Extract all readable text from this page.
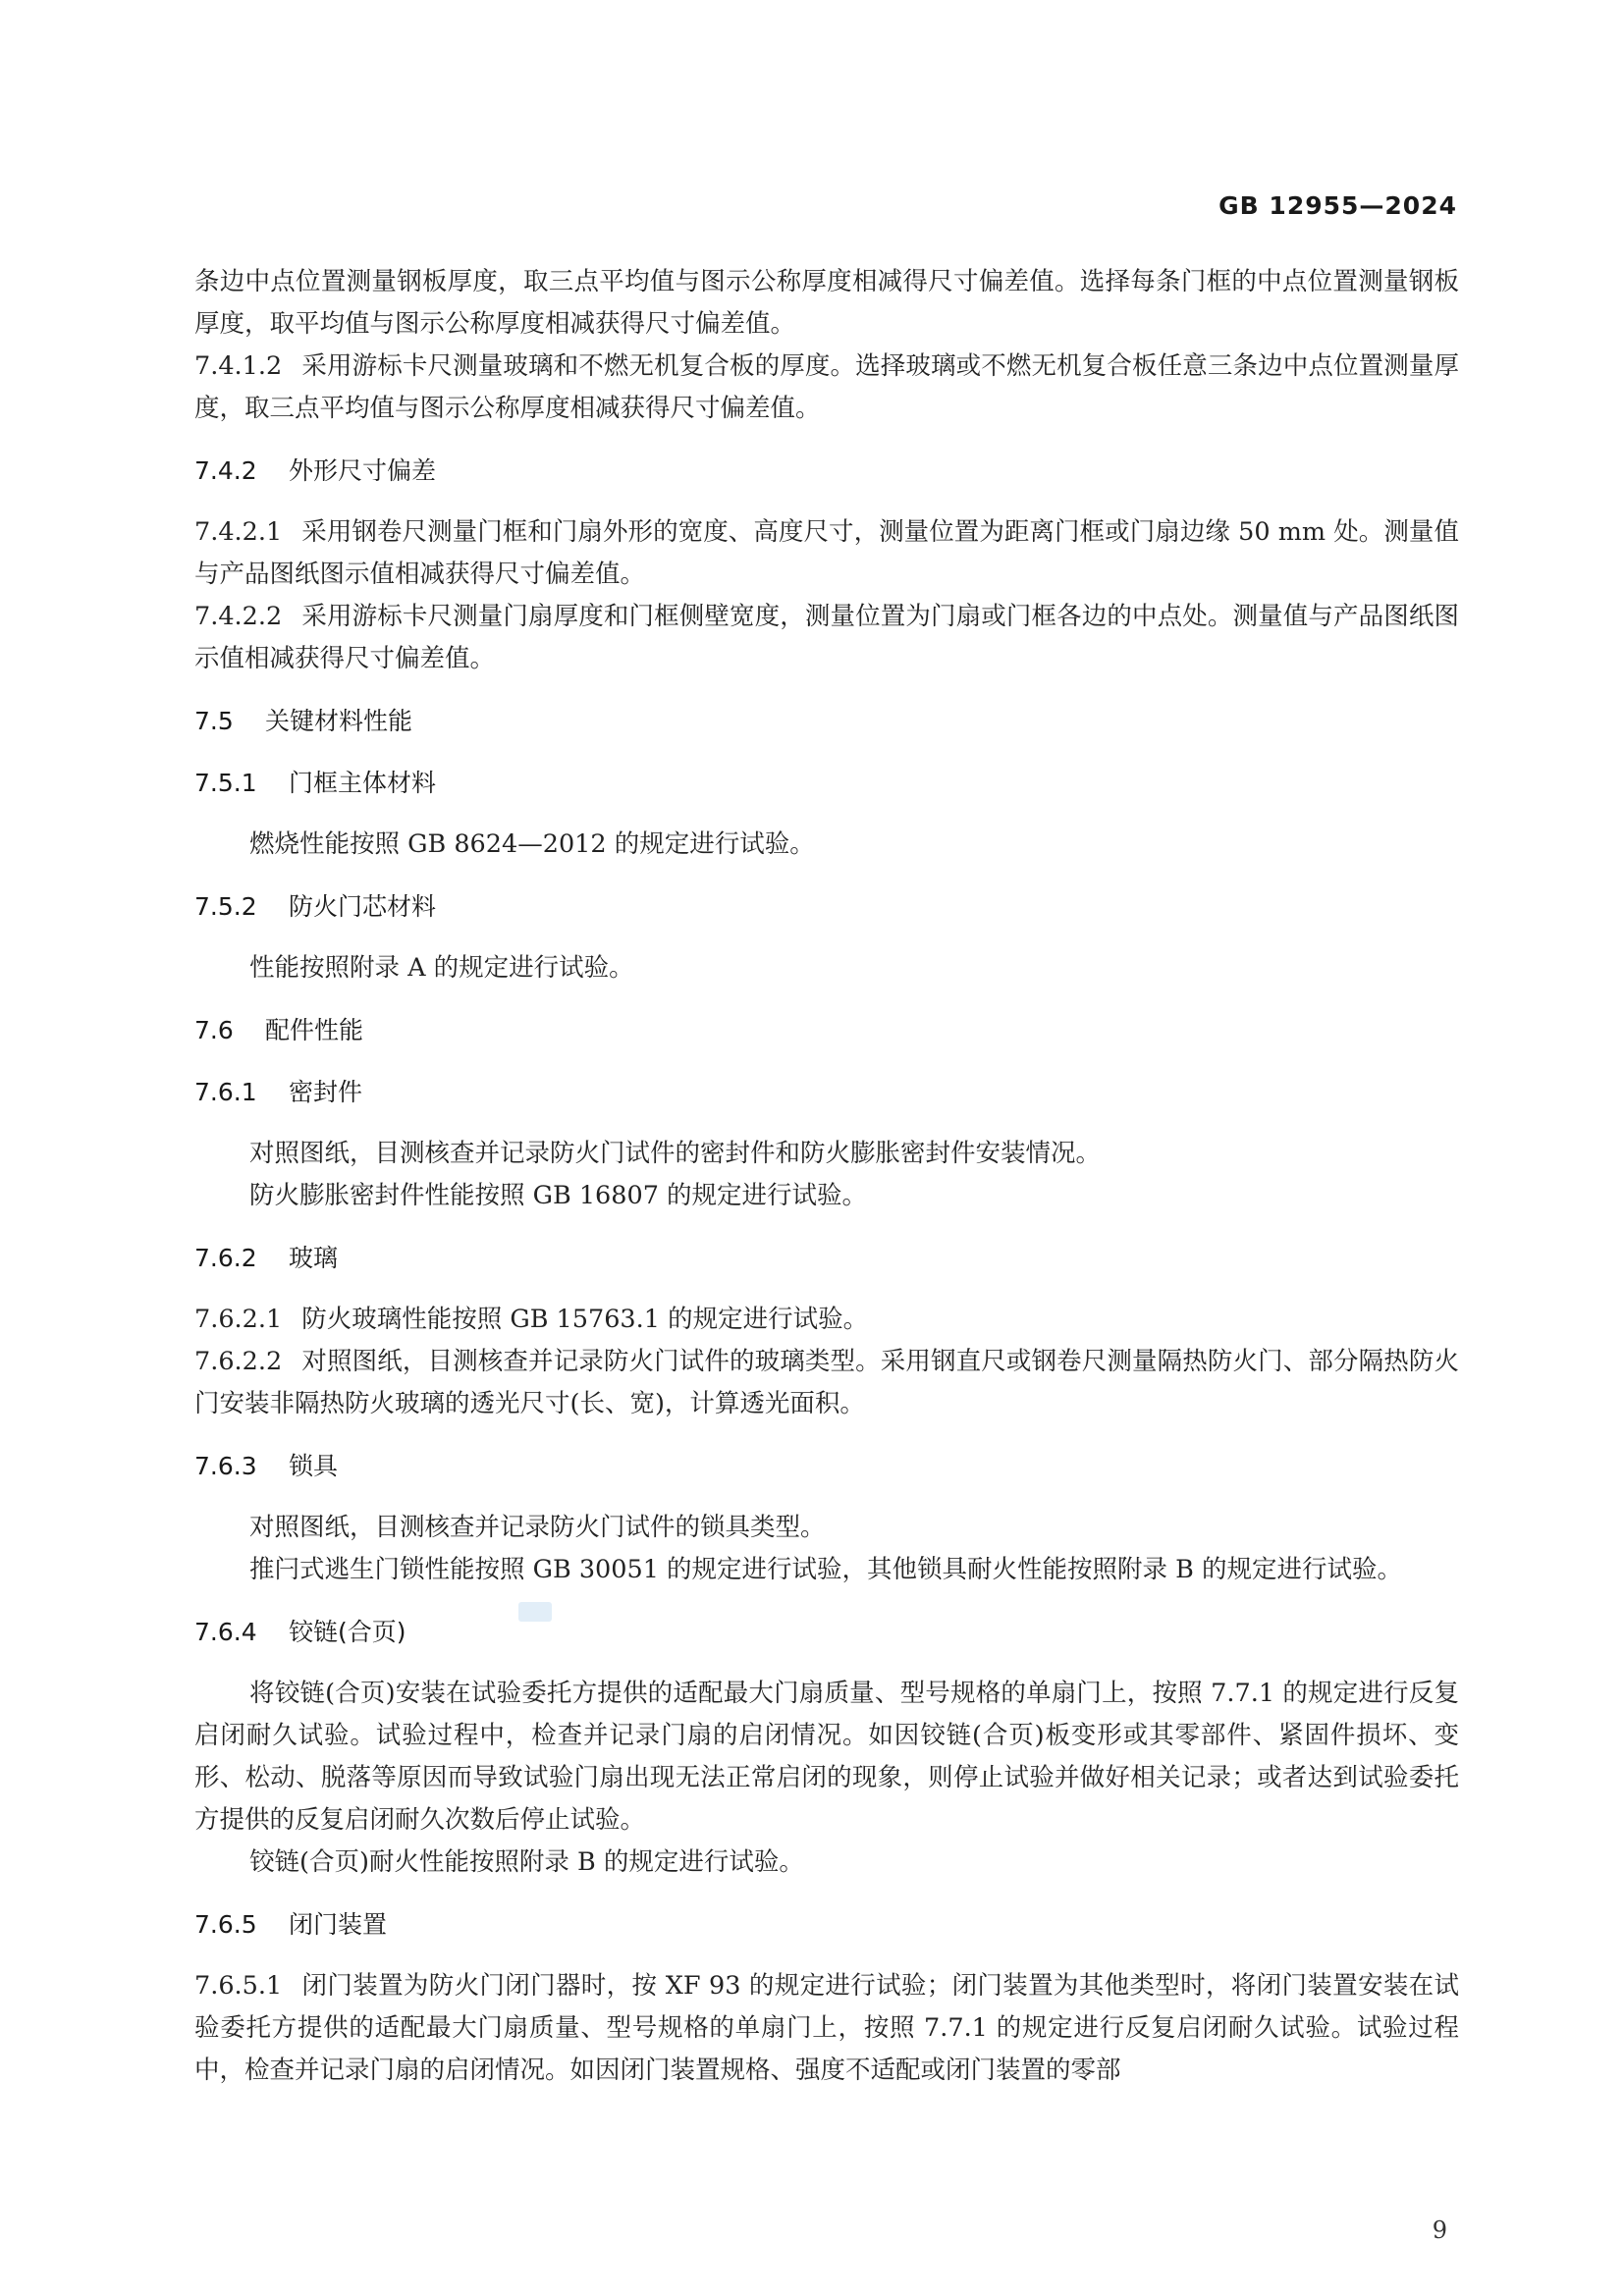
GB 12955—2024

条边中点位置测量钢板厚度，取三点平均值与图示公称厚度相减得尺寸偏差值。选择每条门框的中点位置测量钢板厚度，取平均值与图示公称厚度相减获得尺寸偏差值。

7.4.1.2 采用游标卡尺测量玻璃和不燃无机复合板的厚度。选择玻璃或不燃无机复合板任意三条边中点位置测量厚度，取三点平均值与图示公称厚度相减获得尺寸偏差值。

7.4.2 外形尺寸偏差

7.4.2.1 采用钢卷尺测量门框和门扇外形的宽度、高度尺寸，测量位置为距离门框或门扇边缘 50 mm 处。测量值与产品图纸图示值相减获得尺寸偏差值。

7.4.2.2 采用游标卡尺测量门扇厚度和门框侧壁宽度，测量位置为门扇或门框各边的中点处。测量值与产品图纸图示值相减获得尺寸偏差值。

7.5 关键材料性能
7.5.1 门框主体材料

燃烧性能按照 GB 8624—2012 的规定进行试验。

7.5.2 防火门芯材料

性能按照附录 A 的规定进行试验。

7.6 配件性能
7.6.1 密封件

对照图纸，目测核查并记录防火门试件的密封件和防火膨胀密封件安装情况。

防火膨胀密封件性能按照 GB 16807 的规定进行试验。

7.6.2 玻璃

7.6.2.1 防火玻璃性能按照 GB 15763.1 的规定进行试验。

7.6.2.2 对照图纸，目测核查并记录防火门试件的玻璃类型。采用钢直尺或钢卷尺测量隔热防火门、部分隔热防火门安装非隔热防火玻璃的透光尺寸(长、宽)，计算透光面积。

7.6.3 锁具

对照图纸，目测核查并记录防火门试件的锁具类型。

推闩式逃生门锁性能按照 GB 30051 的规定进行试验，其他锁具耐火性能按照附录 B 的规定进行试验。

7.6.4 铰链(合页)

将铰链(合页)安装在试验委托方提供的适配最大门扇质量、型号规格的单扇门上，按照 7.7.1 的规定进行反复启闭耐久试验。试验过程中，检查并记录门扇的启闭情况。如因铰链(合页)板变形或其零部件、紧固件损坏、变形、松动、脱落等原因而导致试验门扇出现无法正常启闭的现象，则停止试验并做好相关记录；或者达到试验委托方提供的反复启闭耐久次数后停止试验。

铰链(合页)耐火性能按照附录 B 的规定进行试验。

7.6.5 闭门装置

7.6.5.1 闭门装置为防火门闭门器时，按 XF 93 的规定进行试验；闭门装置为其他类型时，将闭门装置安装在试验委托方提供的适配最大门扇质量、型号规格的单扇门上，按照 7.7.1 的规定进行反复启闭耐久试验。试验过程中，检查并记录门扇的启闭情况。如因闭门装置规格、强度不适配或闭门装置的零部

9
